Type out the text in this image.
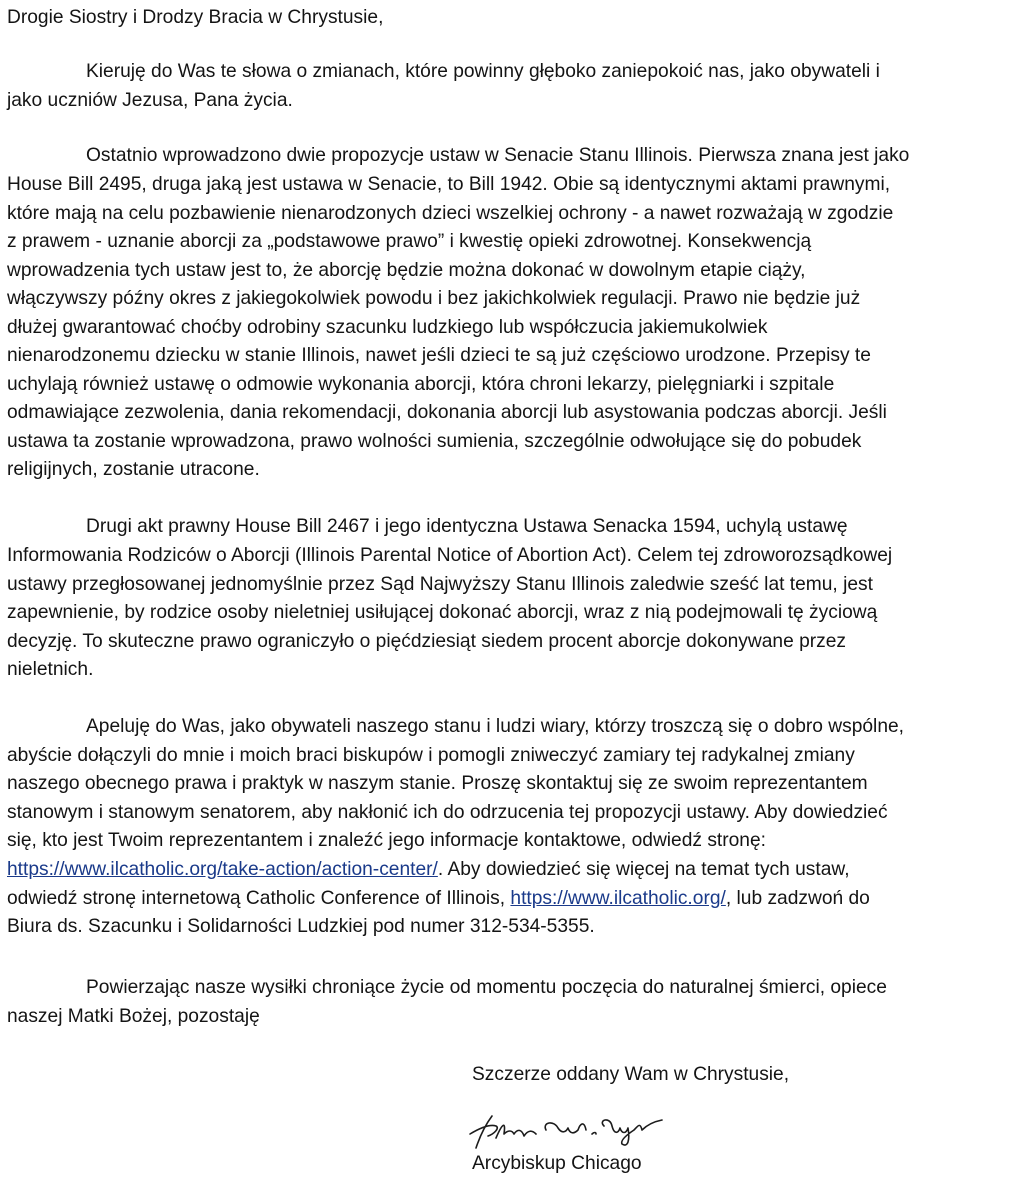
Drogie Siostry i Drodzy Bracia w Chrystusie,
Kieruję do Was te słowa o zmianach, które powinny głęboko zaniepokoić nas, jako obywateli i
jako uczniów Jezusa, Pana życia.
Ostatnio wprowadzono dwie propozycje ustaw w Senacie Stanu Illinois. Pierwsza znana jest jako
House Bill 2495, druga jaką jest ustawa w Senacie, to Bill 1942. Obie są identycznymi aktami prawnymi,
które mają na celu pozbawienie nienarodzonych dzieci wszelkiej ochrony - a nawet rozważają w zgodzie
z prawem - uznanie aborcji za „podstawowe prawo” i kwestię opieki zdrowotnej. Konsekwencją
wprowadzenia tych ustaw jest to, że aborcję będzie można dokonać w dowolnym etapie ciąży,
włączywszy późny okres z jakiegokolwiek powodu i bez jakichkolwiek regulacji. Prawo nie będzie już
dłużej gwarantować choćby odrobiny szacunku ludzkiego lub współczucia jakiemukolwiek
nienarodzonemu dziecku w stanie Illinois, nawet jeśli dzieci te są już częściowo urodzone. Przepisy te
uchylają również ustawę o odmowie wykonania aborcji, która chroni lekarzy, pielęgniarki i szpitale
odmawiające zezwolenia, dania rekomendacji, dokonania aborcji lub asystowania podczas aborcji. Jeśli
ustawa ta zostanie wprowadzona, prawo wolności sumienia, szczególnie odwołujące się do pobudek
religijnych, zostanie utracone.
Drugi akt prawny House Bill 2467 i jego identyczna Ustawa Senacka 1594, uchylą ustawę
Informowania Rodziców o Aborcji (Illinois Parental Notice of Abortion Act). Celem tej zdroworozsądkowej
ustawy przegłosowanej jednomyślnie przez Sąd Najwyższy Stanu Illinois zaledwie sześć lat temu, jest
zapewnienie, by rodzice osoby nieletniej usiłującej dokonać aborcji, wraz z nią podejmowali tę życiową
decyzję. To skuteczne prawo ograniczyło o pięćdziesiąt siedem procent aborcje dokonywane przez
nieletnich.
Apeluję do Was, jako obywateli naszego stanu i ludzi wiary, którzy troszczą się o dobro wspólne,
abyście dołączyli do mnie i moich braci biskupów i pomogli zniweczyć zamiary tej radykalnej zmiany
naszego obecnego prawa i praktyk w naszym stanie. Proszę skontaktuj się ze swoim reprezentantem
stanowym i stanowym senatorem, aby nakłonić ich do odrzucenia tej propozycji ustawy. Aby dowiedzieć
się, kto jest Twoim reprezentantem i znaleźć jego informacje kontaktowe, odwiedź stronę:
https://www.ilcatholic.org/take-action/action-center/. Aby dowiedzieć się więcej na temat tych ustaw,
odwiedź stronę internetową Catholic Conference of Illinois, https://www.ilcatholic.org/, lub zadzwoń do
Biura ds. Szacunku i Solidarności Ludzkiej pod numer 312-534-5355.
Powierzając nasze wysiłki chroniące życie od momentu poczęcia do naturalnej śmierci, opiece
naszej Matki Bożej, pozostaję
Szczerze oddany Wam w Chrystusie,
Arcybiskup Chicago
